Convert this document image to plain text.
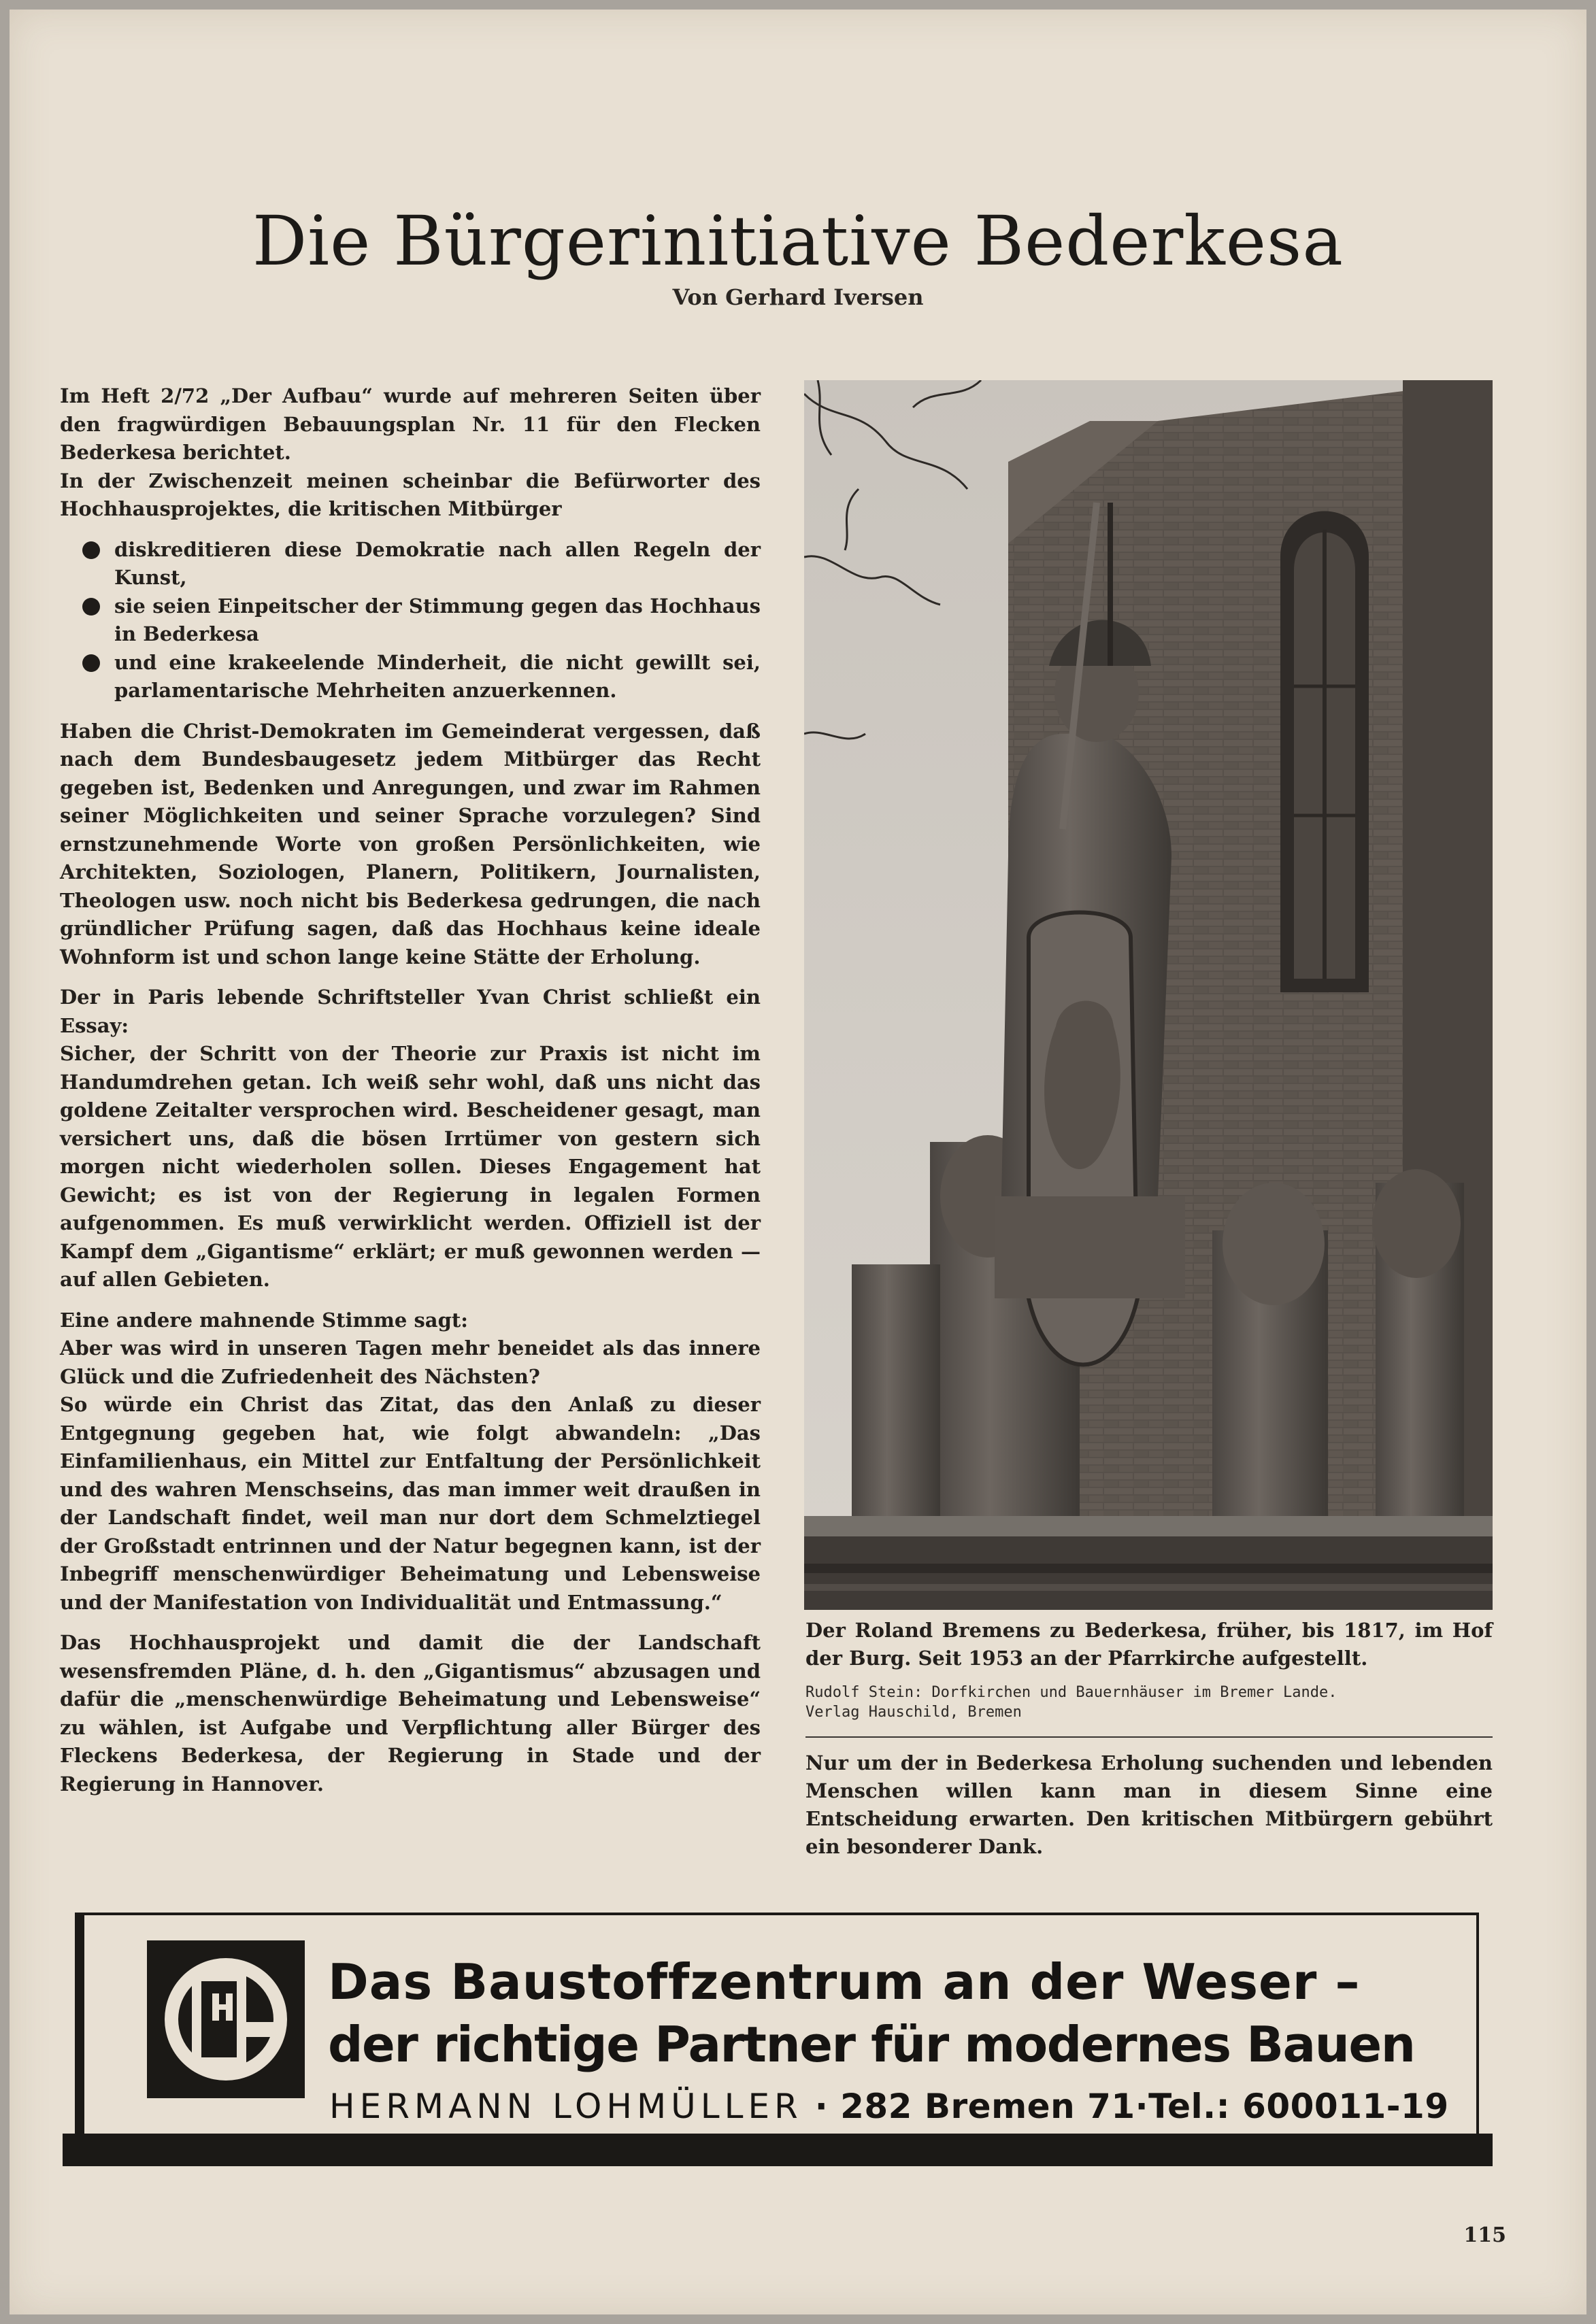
Die Bürgerinitiative Bederkesa
Von Gerhard Iversen

Im Heft 2/72 „Der Aufbau“ wurde auf mehreren Seiten über den fragwürdigen Bebauungsplan Nr. 11 für den Flecken Bederkesa berichtet.

In der Zwischenzeit meinen scheinbar die Befürworter des Hochhausprojektes, die kritischen Mitbürger

diskreditieren diese Demokratie nach allen Regeln der Kunst,
sie seien Einpeitscher der Stimmung gegen das Hochhaus in Bederkesa
und eine krakeelende Minderheit, die nicht gewillt sei, parlamentarische Mehrheiten anzuerkennen.

Haben die Christ-Demokraten im Gemeinderat vergessen, daß nach dem Bundesbaugesetz jedem Mitbürger das Recht gegeben ist, Bedenken und Anregungen, und zwar im Rahmen seiner Möglichkeiten und seiner Sprache vorzulegen? Sind ernstzunehmende Worte von großen Persönlichkeiten, wie Architekten, Soziologen, Planern, Politikern, Journalisten, Theologen usw. noch nicht bis Bederkesa gedrungen, die nach gründlicher Prüfung sagen, daß das Hochhaus keine ideale Wohnform ist und schon lange keine Stätte der Erholung.

Der in Paris lebende Schriftsteller Yvan Christ schließt ein Essay:

Sicher, der Schritt von der Theorie zur Praxis ist nicht im Handumdrehen getan. Ich weiß sehr wohl, daß uns nicht das goldene Zeitalter versprochen wird. Bescheidener gesagt, man versichert uns, daß die bösen Irrtümer von gestern sich morgen nicht wiederholen sollen. Dieses Engagement hat Gewicht; es ist von der Regierung in legalen Formen aufgenommen. Es muß verwirklicht werden. Offiziell ist der Kampf dem „Gigantisme“ erklärt; er muß gewonnen werden — auf allen Gebieten.

Eine andere mahnende Stimme sagt:

Aber was wird in unseren Tagen mehr beneidet als das innere Glück und die Zufriedenheit des Nächsten?

So würde ein Christ das Zitat, das den Anlaß zu dieser Entgegnung gegeben hat, wie folgt abwandeln: „Das Einfamilienhaus, ein Mittel zur Entfaltung der Persönlichkeit und des wahren Menschseins, das man immer weit draußen in der Landschaft findet, weil man nur dort dem Schmelztiegel der Großstadt entrinnen und der Natur begegnen kann, ist der Inbegriff menschenwürdiger Beheimatung und Lebensweise und der Manifestation von Individualität und Entmassung.“

Das Hochhausprojekt und damit die der Landschaft wesensfremden Pläne, d. h. den „Gigantismus“ abzusagen und dafür die „menschenwürdige Beheimatung und Lebensweise“ zu wählen, ist Aufgabe und Verpflichtung aller Bürger des Fleckens Bederkesa, der Regierung in Stade und der Regierung in Hannover.

Der Roland Bremens zu Bederkesa, früher, bis 1817, im Hof der Burg. Seit 1953 an der Pfarrkirche aufgestellt.
Rudolf Stein: Dorfkirchen und Bauernhäuser im Bremer Lande.
Verlag Hauschild, Bremen
Nur um der in Bederkesa Erholung suchenden und lebenden Menschen willen kann man in diesem Sinne eine Entscheidung erwarten. Den kritischen Mitbürgern gebührt ein besonderer Dank.
Das Baustoffzentrum an der Weser –
der richtige Partner für modernes Bauen
HERMANN LOHMÜLLER · 282 Bremen 71·Tel.: 600011-19
115
